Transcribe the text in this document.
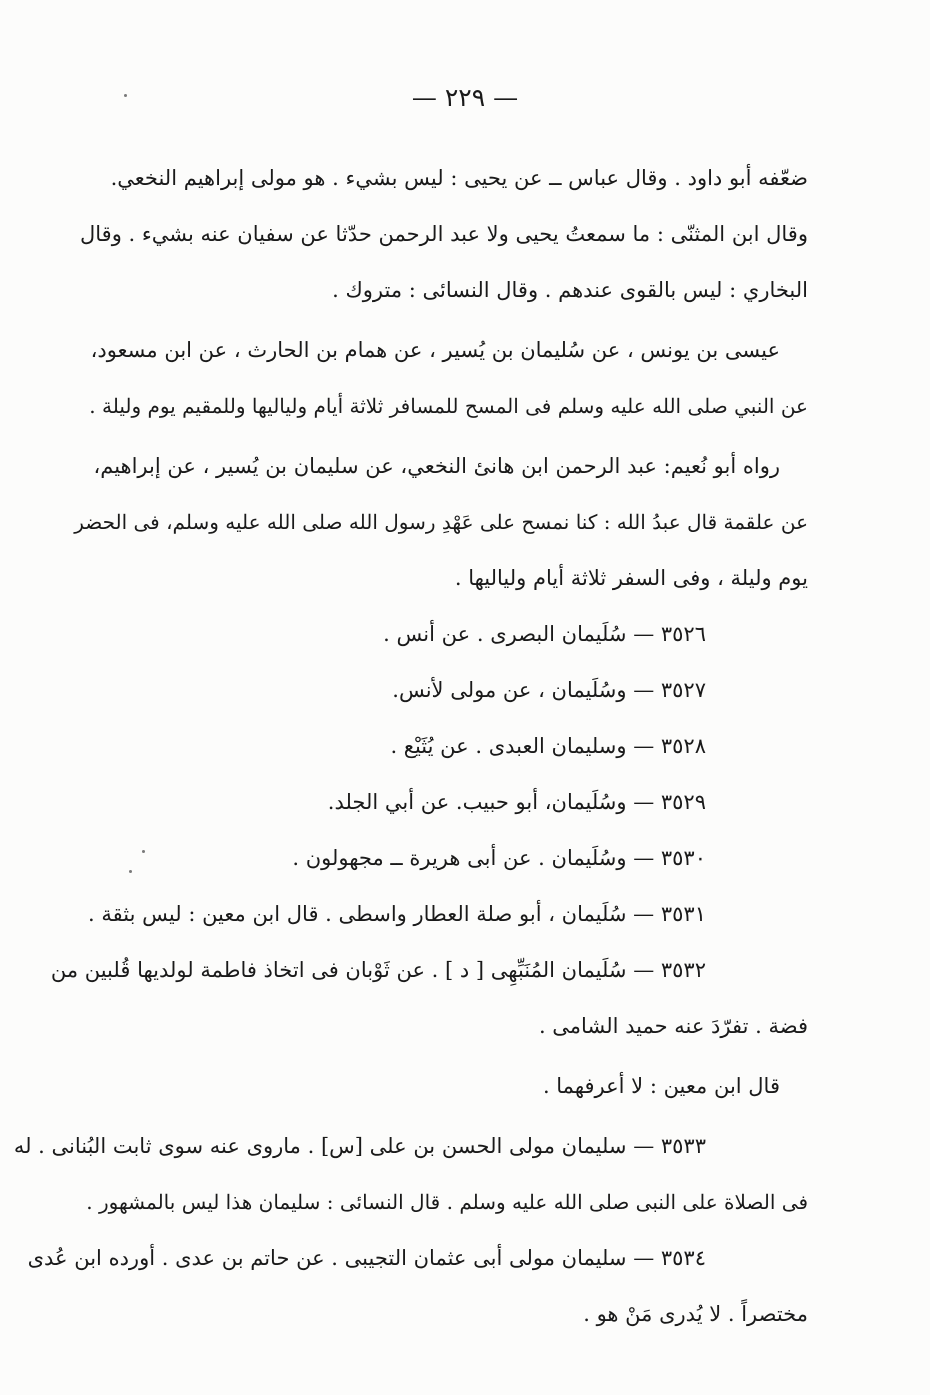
— ٢٢٩ —
ضعّفه أبو داود . وقال عباس ــ عن يحيى : ليس بشيء . هو مولى إبراهيم النخعي.
وقال ابن المثنّى : ما سمعتُ يحيى ولا عبد الرحمن حدّثا عن سفيان عنه بشيء . وقال
البخاري : ليس بالقوى عندهم . وقال النسائى : متروك .
عيسى بن يونس ، عن سُليمان بن يُسير ، عن همام بن الحارث ، عن ابن مسعود،
عن النبي صلى الله عليه وسلم فى المسح للمسافر ثلاثة أيام ولياليها وللمقيم يوم وليلة .
رواه أبو نُعيم: عبد الرحمن ابن هانئ النخعي، عن سليمان بن يُسير ، عن إبراهيم،
عن علقمة قال عبدُ الله : كنا نمسح على عَهْدِ رسول الله صلى الله عليه وسلم، فى الحضر
يوم وليلة ، وفى السفر ثلاثة أيام ولياليها .
٣٥٢٦ — سُلَيمان البصرى . عن أنس .
٣٥٢٧ — وسُلَيمان ، عن مولى لأنس.
٣٥٢٨ — وسليمان العبدى . عن يُثَيْع .
٣٥٢٩ — وسُلَيمان، أبو حبيب. عن أبي الجلد.
٣٥٣٠ — وسُلَيمان . عن أبى هريرة ــ مجهولون .
٣٥٣١ — سُلَيمان ، أبو صلة العطار واسطى . قال ابن معين : ليس بثقة .
٣٥٣٢ — سُلَيمان المُنَبِّهِى [ د ] . عن ثَوْبان فى اتخاذ فاطمة لولديها قُلبين من
فضة . تفرّدَ عنه حميد الشامى .
قال ابن معين : لا أعرفهما .
٣٥٣٣ — سليمان مولى الحسن بن على [س] . ماروى عنه سوى ثابت البُنانى . له
فى الصلاة على النبى صلى الله عليه وسلم . قال النسائى : سليمان هذا ليس بالمشهور .
٣٥٣٤ — سليمان مولى أبى عثمان التجيبى . عن حاتم بن عدى . أورده ابن عُدى
مختصراً . لا يُدرى مَنْ هو .
